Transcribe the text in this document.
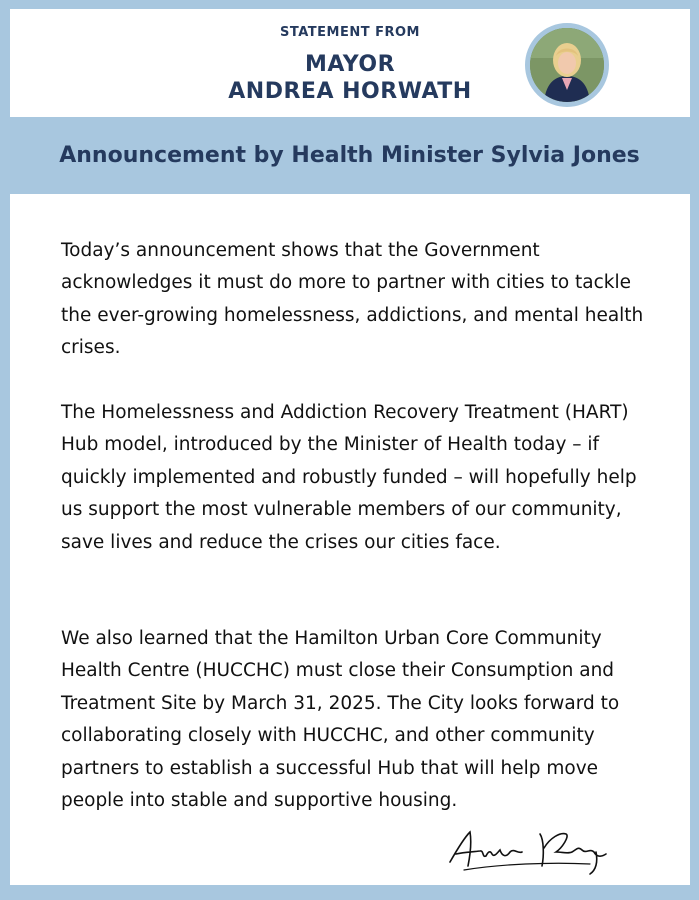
STATEMENT FROM
MAYOR
ANDREA HORWATH
Announcement by Health Minister Sylvia Jones

Today’s announcement shows that the Government acknowledges it must do more to partner with cities to tackle the ever-growing homelessness, addictions, and mental health crises.

The Homelessness and Addiction Recovery Treatment (HART) Hub model, introduced by the Minister of Health today – if quickly implemented and robustly funded – will hopefully help us support the most vulnerable members of our community, save lives and reduce the crises our cities face.

We also learned that the Hamilton Urban Core Community Health Centre (HUCCHC) must close their Consumption and Treatment Site by March 31, 2025. The City looks forward to collaborating closely with HUCCHC, and other community partners to establish a successful Hub that will help move people into stable and supportive housing.
